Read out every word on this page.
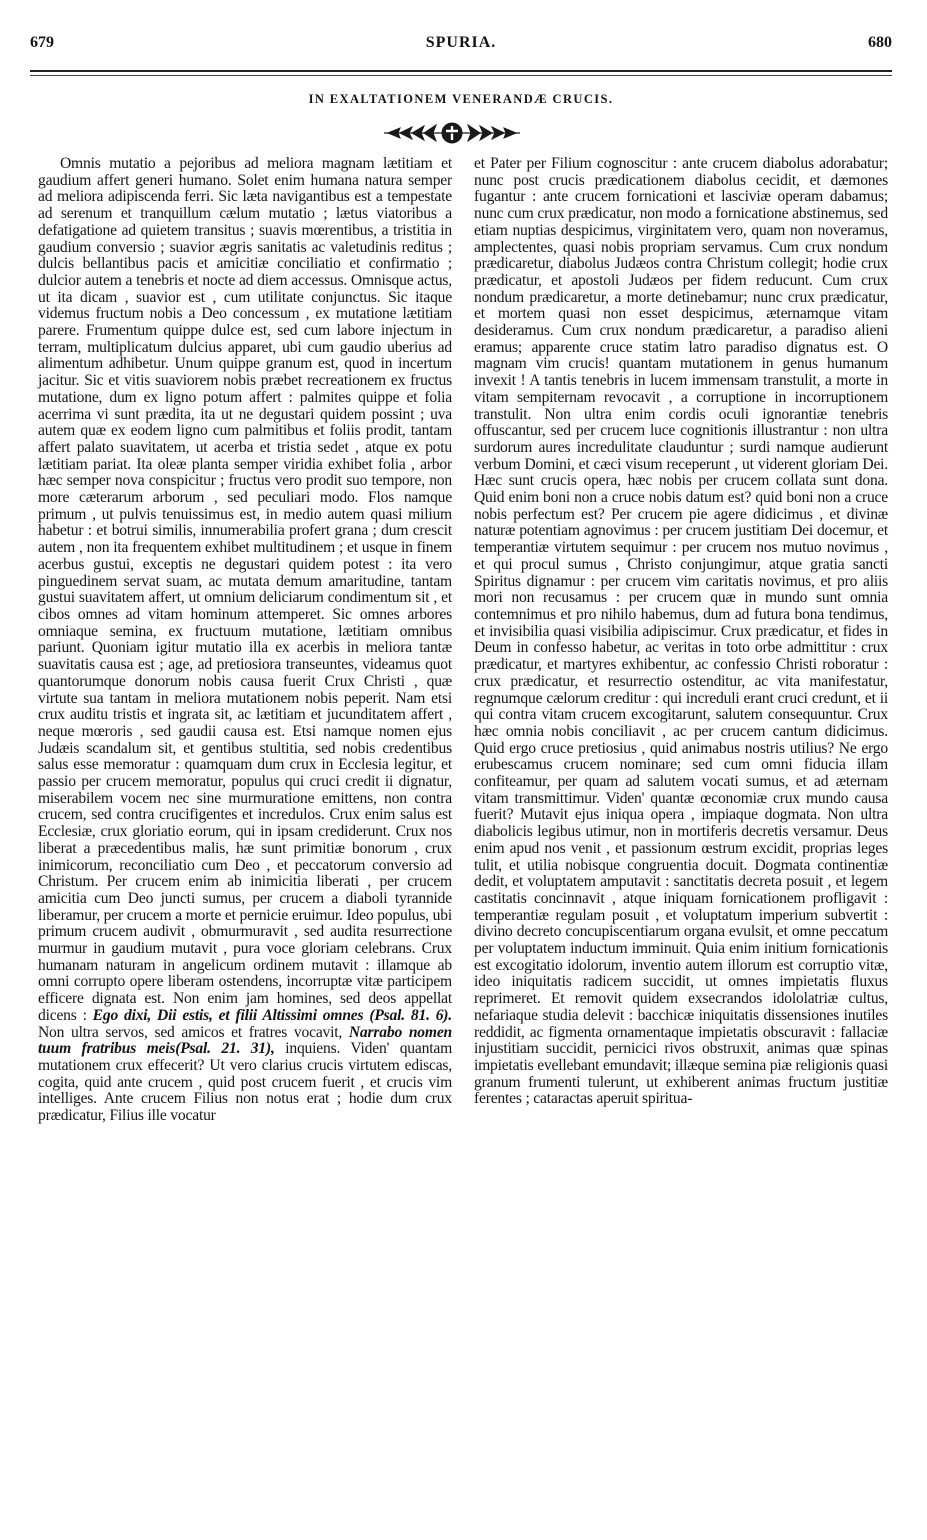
679	SPURIA.	680
IN EXALTATIONEM VENERANDÆ CRUCIS.

Omnis mutatio a pejoribus ad meliora magnam lætitiam et gaudium affert generi humano. Solet enim humana natura semper ad meliora adipiscenda ferri. Sic læta navigantibus est a tempestate ad serenum et tranquillum cælum mutatio ; lætus viatoribus a defatigatione ad quietem transitus ; suavis mœrentibus, a tristitia in gaudium conversio ; suavior ægris sanitatis ac valetudinis reditus ; dulcis bellantibus pacis et amicitiæ conciliatio et confirmatio ; dulcior autem a tenebris et nocte ad diem accessus. Omnisque actus, ut ita dicam , suavior est , cum utilitate conjunctus. Sic itaque videmus fructum nobis a Deo concessum , ex mutatione lætitiam parere. Frumentum quippe dulce est, sed cum labore injectum in terram, multiplicatum dulcius apparet, ubi cum gaudio uberius ad alimentum adhibetur. Unum quippe granum est, quod in incertum jacitur. Sic et vitis suaviorem nobis præbet recreationem ex fructus mutatione, dum ex ligno potum affert : palmites quippe et folia acerrima vi sunt prædita, ita ut ne degustari quidem possint ; uva autem quæ ex eodem ligno cum palmitibus et foliis prodit, tantam affert palato suavitatem, ut acerba et tristia sedet , atque ex potu lætitiam pariat. Ita oleæ planta semper viridia exhibet folia , arbor hæc semper nova conspicitur ; fructus vero prodit suo tempore, non more cæterarum arborum , sed peculiari modo. Flos namque primum , ut pulvis tenuissimus est, in medio autem quasi milium habetur : et botrui similis, innumerabilia profert grana ; dum crescit autem , non ita frequentem exhibet multitudinem ; et usque in finem acerbus gustui, exceptis ne degustari quidem potest : ita vero pinguedinem servat suam, ac mutata demum amaritudine, tantam gustui suavitatem affert, ut omnium deliciarum condimentum sit , et cibos omnes ad vitam hominum attemperet. Sic omnes arbores omniaque semina, ex fructuum mutatione, lætitiam omnibus pariunt. Quoniam igitur mutatio illa ex acerbis in meliora tantæ suavitatis causa est ; age, ad pretiosiora transeuntes, videamus quot quantorumque donorum nobis causa fuerit Crux Christi , quæ virtute sua tantam in meliora mutationem nobis peperit. Nam etsi crux auditu tristis et ingrata sit, ac lætitiam et jucunditatem affert , neque mœroris , sed gaudii causa est. Etsi namque nomen ejus Judæis scandalum sit, et gentibus stultitia, sed nobis credentibus salus esse memoratur : quamquam dum crux in Ecclesia legitur, et passio per crucem memoratur, populus qui cruci credit ii dignatur, miserabilem vocem nec sine murmuratione emittens, non contra crucem, sed contra crucifigentes et incredulos. Crux enim salus est Ecclesiæ, crux gloriatio eorum, qui in ipsam crediderunt. Crux nos liberat a præcedentibus malis, hæ sunt primitiæ bonorum , crux inimicorum, reconciliatio cum Deo , et peccatorum conversio ad Christum. Per crucem enim ab inimicitia liberati , per crucem amicitia cum Deo juncti sumus, per crucem a diaboli tyrannide liberamur, per crucem a morte et pernicie eruimur. Ideo populus, ubi primum crucem audivit , obmurmuravit , sed audita resurrectione murmur in gaudium mutavit , pura voce gloriam celebrans. Crux humanam naturam in angelicum ordinem mutavit : illamque ab omni corrupto opere liberam ostendens, incorruptæ vitæ participem efficere dignata est. Non enim jam homines, sed deos appellat dicens : Ego dixi, Dii estis, et filii Altissimi omnes (Psal. 81. 6). Non ultra servos, sed amicos et fratres vocavit, Narrabo nomen tuum fratribus meis(Psal. 21. 31), inquiens. Viden' quantam mutationem crux effecerit? Ut vero clarius crucis virtutem ediscas, cogita, quid ante crucem , quid post crucem fuerit , et crucis vim intelliges. Ante crucem Filius non notus erat ; hodie dum crux prædicatur, Filius ille vocatur

et Pater per Filium cognoscitur : ante crucem diabolus adorabatur; nunc post crucis prædicationem diabolus cecidit, et dæmones fugantur : ante crucem fornicationi et lasciviæ operam dabamus; nunc cum crux prædicatur, non modo a fornicatione abstinemus, sed etiam nuptias despicimus, virginitatem vero, quam non noveramus, amplectentes, quasi nobis propriam servamus. Cum crux nondum prædicaretur, diabolus Judæos contra Christum collegit; hodie crux prædicatur, et apostoli Judæos per fidem reducunt. Cum crux nondum prædicaretur, a morte detinebamur; nunc crux prædicatur, et mortem quasi non esset despicimus, æternamque vitam desideramus. Cum crux nondum prædicaretur, a paradiso alieni eramus; apparente cruce statim latro paradiso dignatus est. O magnam vim crucis! quantam mutationem in genus humanum invexit ! A tantis tenebris in lucem immensam transtulit, a morte in vitam sempiternam revocavit , a corruptione in incorruptionem transtulit. Non ultra enim cordis oculi ignorantiæ tenebris offuscantur, sed per crucem luce cognitionis illustrantur : non ultra surdorum aures incredulitate clauduntur ; surdi namque audierunt verbum Domini, et cæci visum receperunt , ut viderent gloriam Dei. Hæc sunt crucis opera, hæc nobis per crucem collata sunt dona. Quid enim boni non a cruce nobis datum est? quid boni non a cruce nobis perfectum est? Per crucem pie agere didicimus , et divinæ naturæ potentiam agnovimus : per crucem justitiam Dei docemur, et temperantiæ virtutem sequimur : per crucem nos mutuo novimus , et qui procul sumus , Christo conjungimur, atque gratia sancti Spiritus dignamur : per crucem vim caritatis novimus, et pro aliis mori non recusamus : per crucem quæ in mundo sunt omnia contemnimus et pro nihilo habemus, dum ad futura bona tendimus, et invisibilia quasi visibilia adipiscimur. Crux prædicatur, et fides in Deum in confesso habetur, ac veritas in toto orbe admittitur : crux prædicatur, et martyres exhibentur, ac confessio Christi roboratur : crux prædicatur, et resurrectio ostenditur, ac vita manifestatur, regnumque cælorum creditur : qui increduli erant cruci credunt, et ii qui contra vitam crucem excogitarunt, salutem consequuntur. Crux hæc omnia nobis conciliavit , ac per crucem cantum didicimus. Quid ergo cruce pretiosius , quid animabus nostris utilius? Ne ergo erubescamus crucem nominare; sed cum omni fiducia illam confiteamur, per quam ad salutem vocati sumus, et ad æternam vitam transmittimur. Viden' quantæ œconomiæ crux mundo causa fuerit? Mutavit ejus iniqua opera , impiaque dogmata. Non ultra diabolicis legibus utimur, non in mortiferis decretis versamur. Deus enim apud nos venit , et passionum œstrum excidit, proprias leges tulit, et utilia nobisque congruentia docuit. Dogmata continentiæ dedit, et voluptatem amputavit : sanctitatis decreta posuit , et legem castitatis concinnavit , atque iniquam fornicationem profligavit : temperantiæ regulam posuit , et voluptatum imperium subvertit : divino decreto concupiscentiarum organa evulsit, et omne peccatum per voluptatem inductum imminuit. Quia enim initium fornicationis est excogitatio idolorum, inventio autem illorum est corruptio vitæ, ideo iniquitatis radicem succidit, ut omnes impietatis fluxus reprimeret. Et removit quidem exsecrandos idololatriæ cultus, nefariaque studia delevit : bacchicæ iniquitatis dissensiones inutiles reddidit, ac figmenta ornamentaque impietatis obscuravit : fallaciæ injustitiam succidit, pernicici rivos obstruxit, animas quæ spinas impietatis evellebant emundavit; illæque semina piæ religionis quasi granum frumenti tulerunt, ut exhiberent animas fructum justitiæ ferentes ; cataractas aperuit spiritua-
